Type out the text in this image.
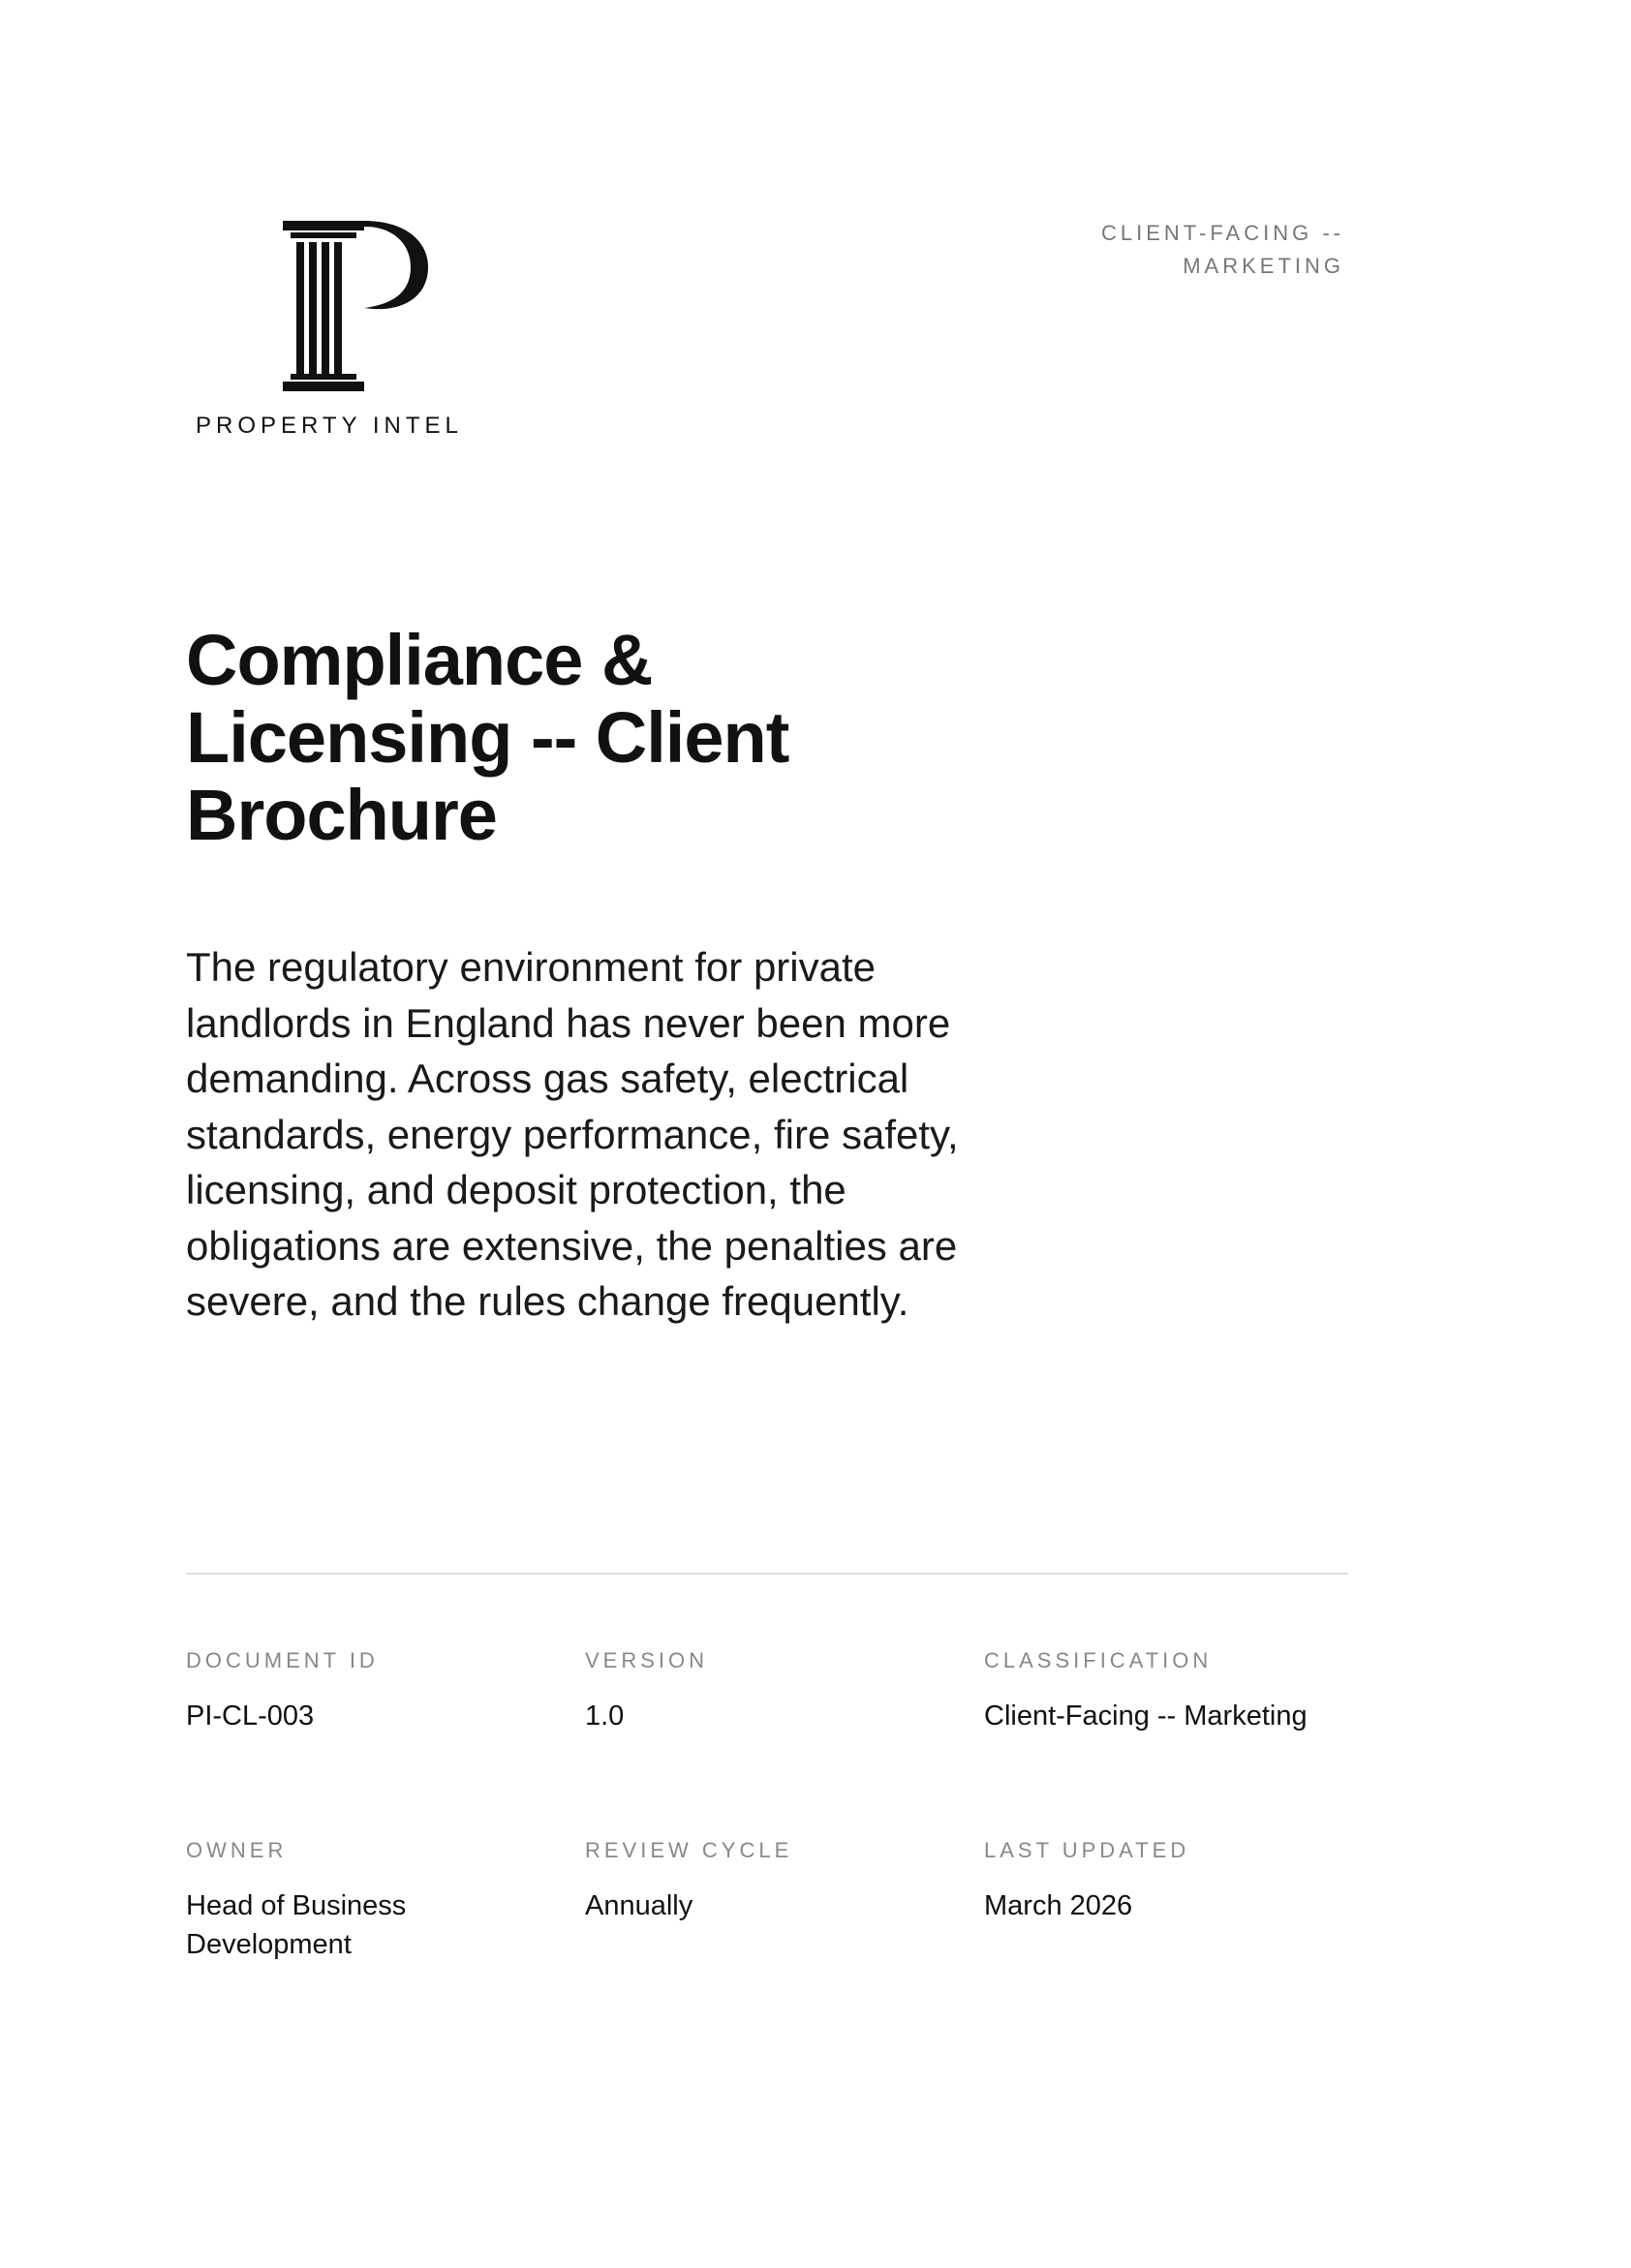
PROPERTY INTEL
CLIENT-FACING --
MARKETING
Compliance & Licensing -- Client Brochure

The regulatory environment for private landlords in England has never been more demanding. Across gas safety, electrical standards, energy performance, fire safety, licensing, and deposit protection, the obligations are extensive, the penalties are severe, and the rules change frequently.

DOCUMENT ID
PI-CL-003
VERSION
1.0
CLASSIFICATION
Client-Facing -- Marketing
OWNER
Head of Business Development
REVIEW CYCLE
Annually
LAST UPDATED
March 2026
